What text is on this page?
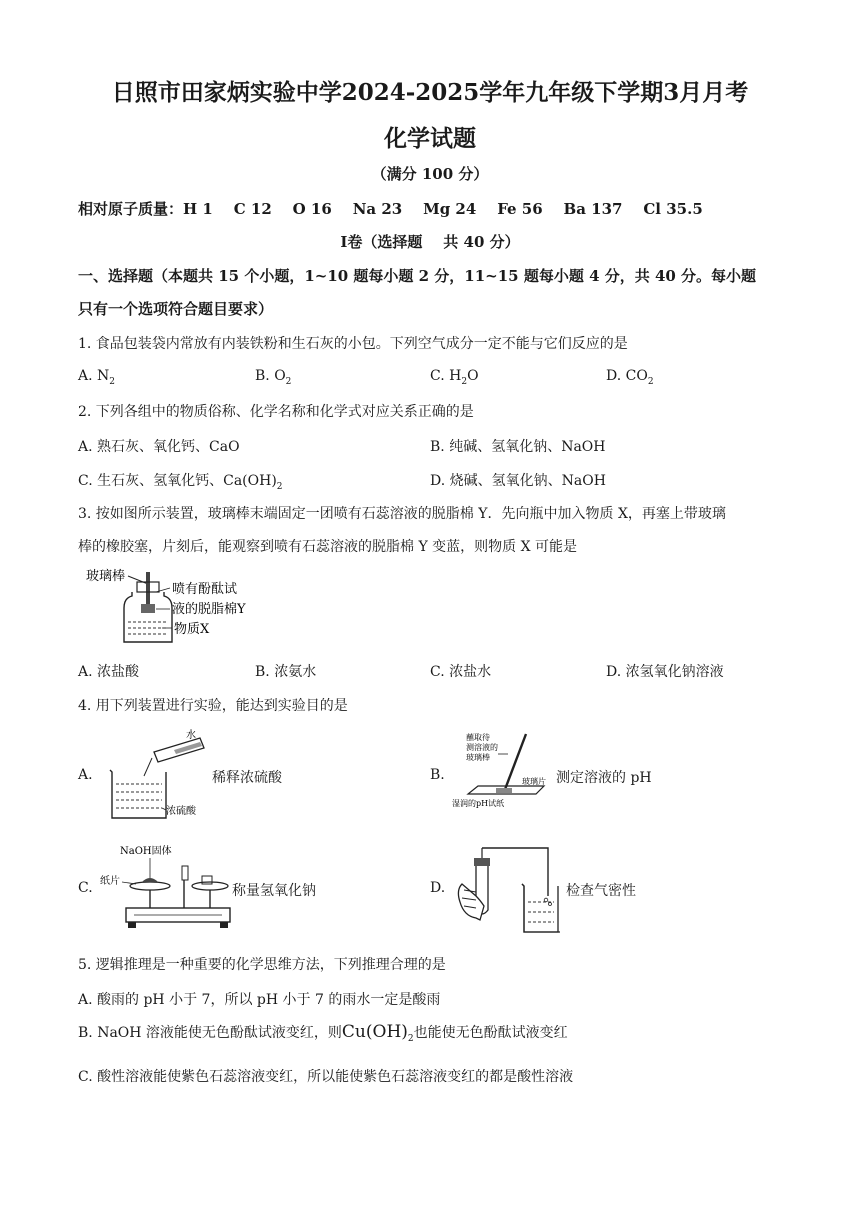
日照市田家炳实验中学2024-2025学年九年级下学期3月月考
化学试题
（满分 100 分）
相对原子质量：H 1    C 12    O 16    Na 23    Mg 24    Fe 56    Ba 137    Cl 35.5
Ⅰ卷（选择题    共 40 分）
一、选择题（本题共 15 个小题，1~10 题每小题 2 分，11~15 题每小题 4 分，共 40 分。每小题
只有一个选项符合题目要求）
1. 食品包装袋内常放有内装铁粉和生石灰的小包。下列空气成分一定不能与它们反应的是
A. $N_2$	B. $O_2$	C. $H_2O$	D. $CO_2$
2. 下列各组中的物质俗称、化学名称和化学式对应关系正确的是
A. 熟石灰、氧化钙、CaO	B. 纯碱、氢氧化钠、NaOH
C. 生石灰、氢氧化钙、$Ca(OH)_2$	D. 烧碱、氢氧化钠、NaOH
3. 按如图所示装置，玻璃棒末端固定一团喷有石蕊溶液的脱脂棉 Y．先向瓶中加入物质 X，再塞上带玻璃
棒的橡胶塞，片刻后，能观察到喷有石蕊溶液的脱脂棉 Y 变蓝，则物质 X 可能是
玻璃棒
喷有酚酞试
液的脱脂棉Y
物质X
A. 浓盐酸	B. 浓氨水	C. 浓盐水	D. 浓氢氧化钠溶液
4. 用下列装置进行实验，能达到实验目的是
A.
水
浓硫酸
稀释浓硫酸	B.
蘸取待
测溶液的
玻璃棒
玻璃片
湿润的pH试纸
测定溶液的 pH
C.
NaOH固体
纸片
称量氢氧化钠	D.	检查气密性
5. 逻辑推理是一种重要的化学思维方法，下列推理合理的是
A. 酸雨的 pH 小于 7，所以 pH 小于 7 的雨水一定是酸雨
B. NaOH 溶液能使无色酚酞试液变红，则$Cu(OH)_2$也能使无色酚酞试液变红
C. 酸性溶液能使紫色石蕊溶液变红，所以能使紫色石蕊溶液变红的都是酸性溶液
